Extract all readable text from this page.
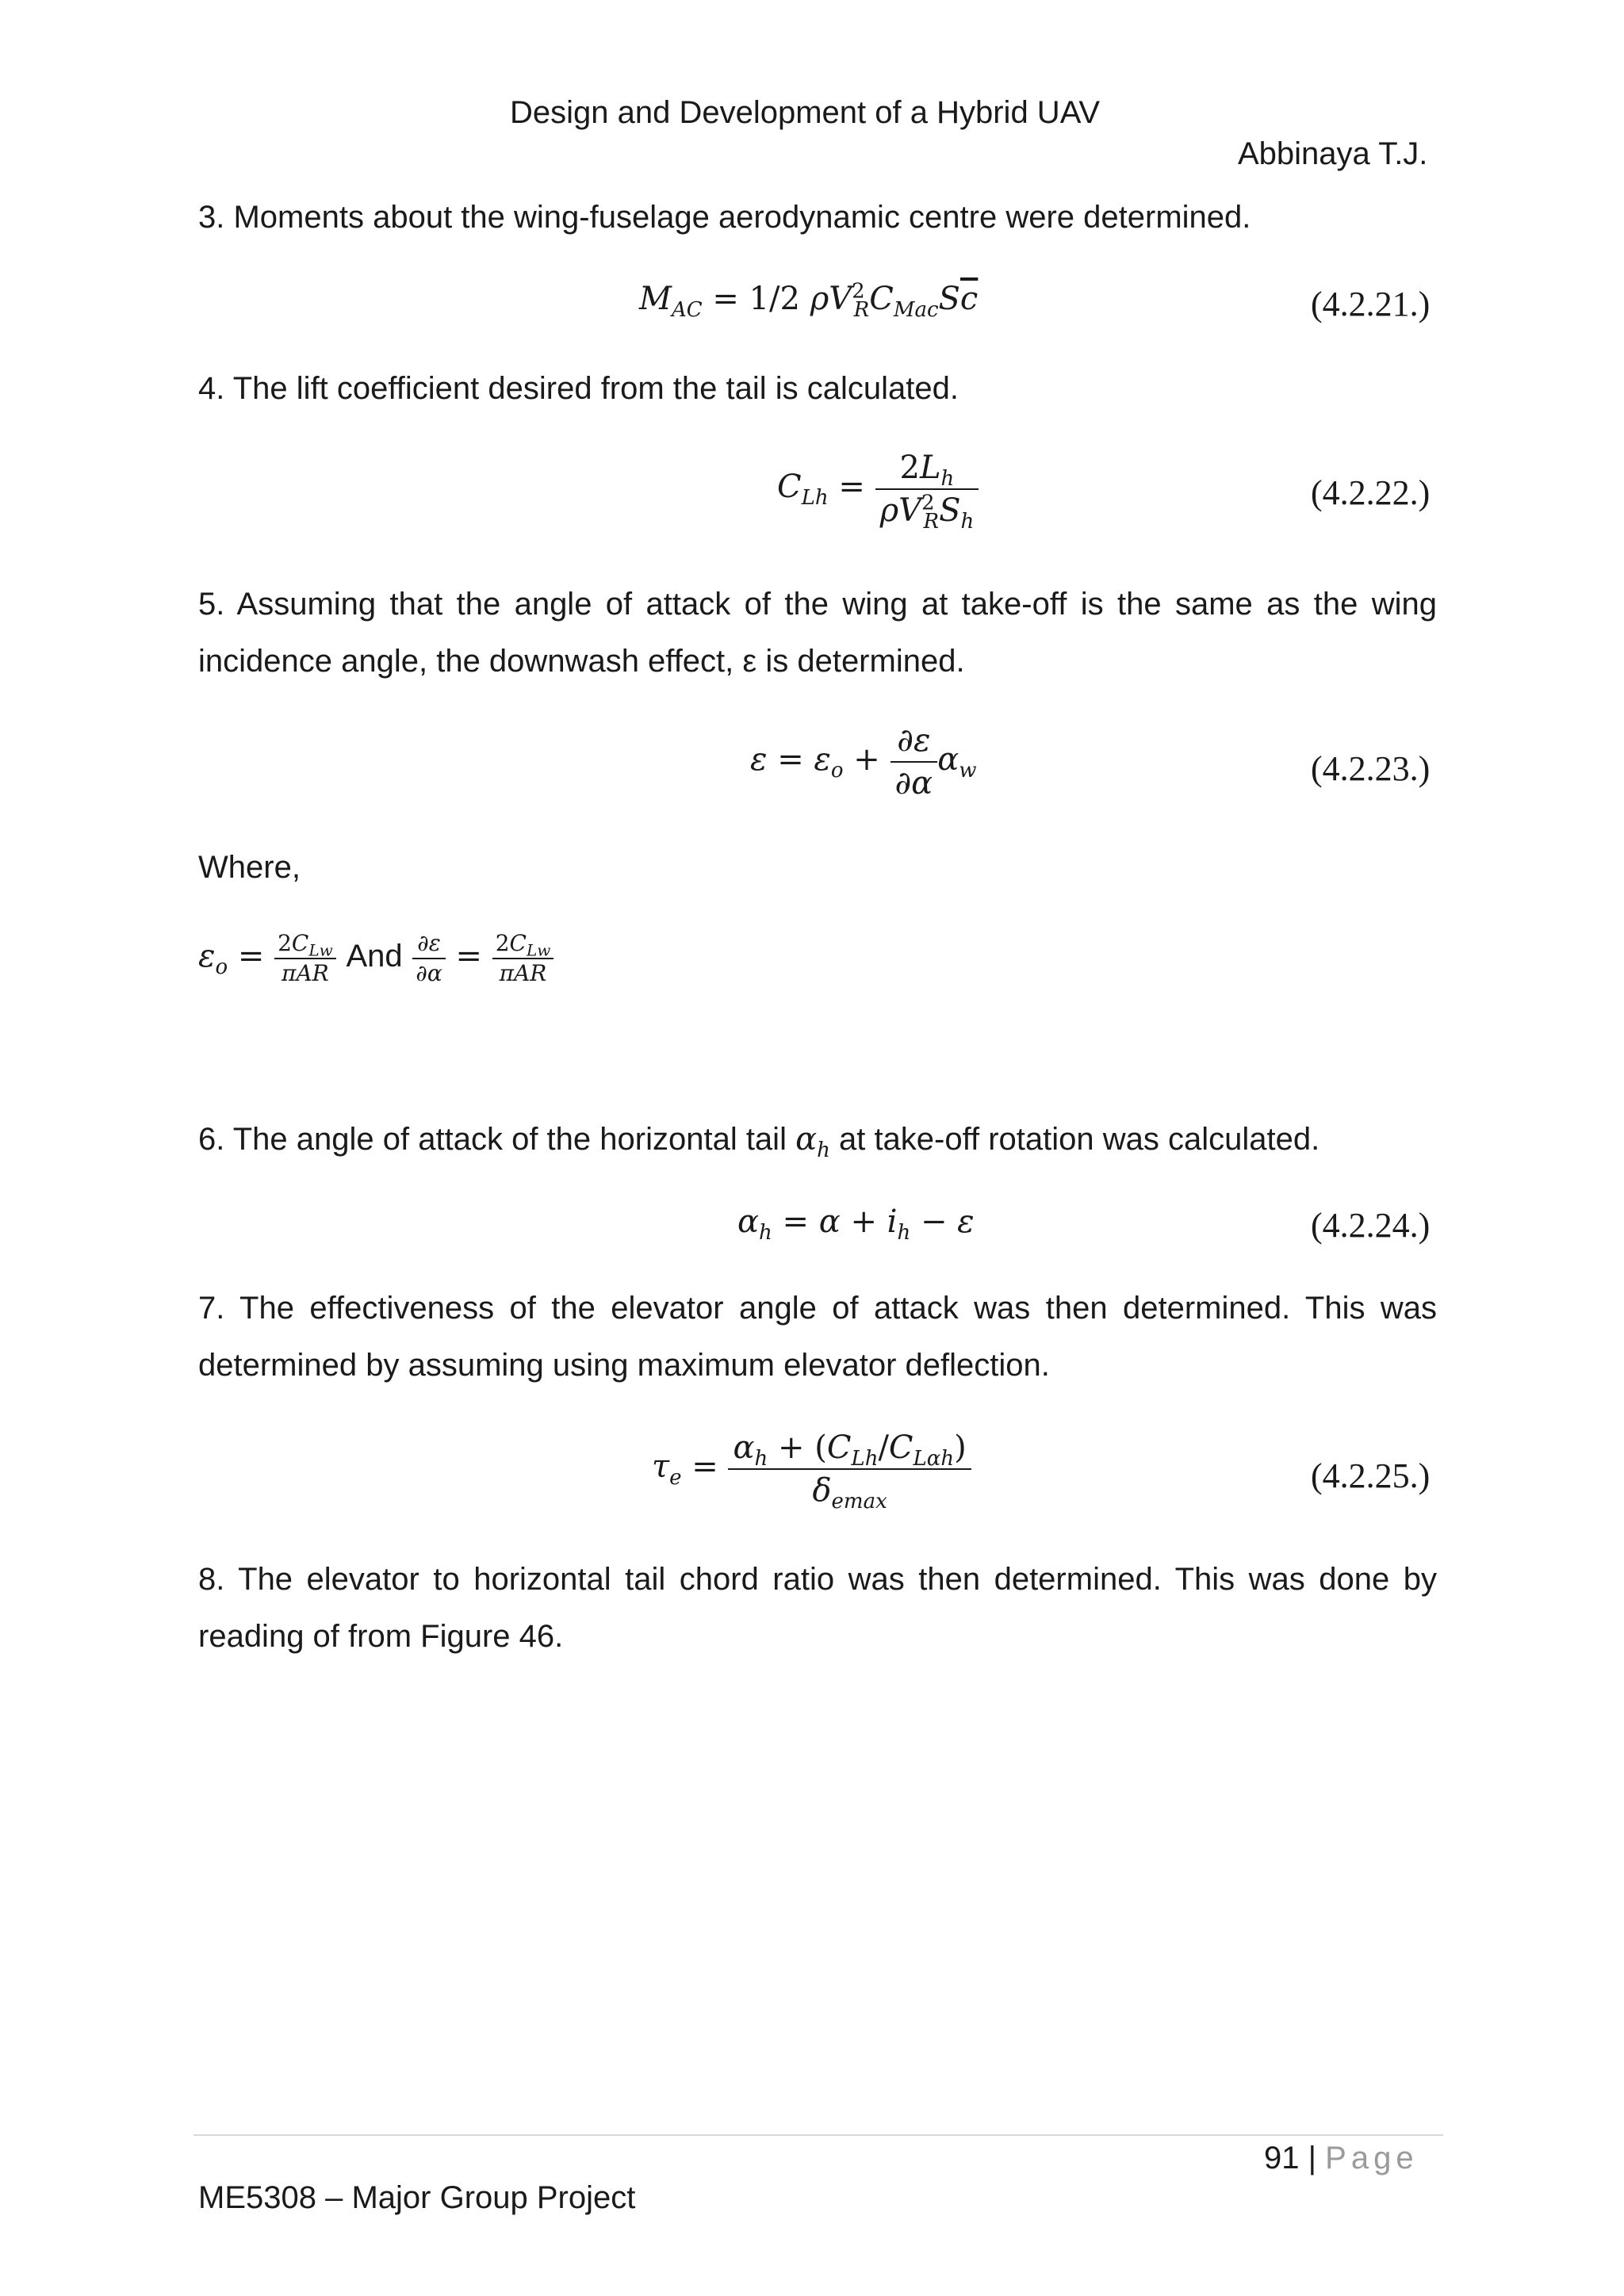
Design and Development of a Hybrid UAV
Abbinaya T.J.

3. Moments about the wing-fuselage aerodynamic centre were determined.

$M_{AC} = 1/2$ $\rho V^2_RC_{Mac}S\overline{c}$	(4.2.21.)

4. The lift coefficient desired from the tail is calculated.

$C_{Lh} = \frac{2L_h}{\rho V^2_RS_h}$	(4.2.22.)

5. Assuming that the angle of attack of the wing at take-off is the same as the wing incidence angle, the downwash effect, ε is determined.

$\varepsilon = \varepsilon_o + \frac{\partial\varepsilon}{\partial\alpha} \alpha_w$	(4.2.23.)
Where,
$\varepsilon_o = \frac{2C_{Lw}}{\text{πAR}}$ And $\frac{\partial\varepsilon}{\partial\alpha} = \frac{2C_{Lw}}{\text{πAR}}$
6. The angle of attack of the horizontal tail $\alpha_h$ at take-off rotation was calculated.
$\alpha_h = \alpha + i_h - \varepsilon$	(4.2.24.)

7. The effectiveness of the elevator angle of attack was then determined. This was determined by assuming using maximum elevator deflection.

$\tau_e = \frac{\alpha_h + (C_{Lh}/C_{L\alpha h})}{\delta_{emax}}$	(4.2.25.)

8. The elevator to horizontal tail chord ratio was then determined. This was done by reading of from Figure 46.

91 | Page
ME5308 – Major Group Project
